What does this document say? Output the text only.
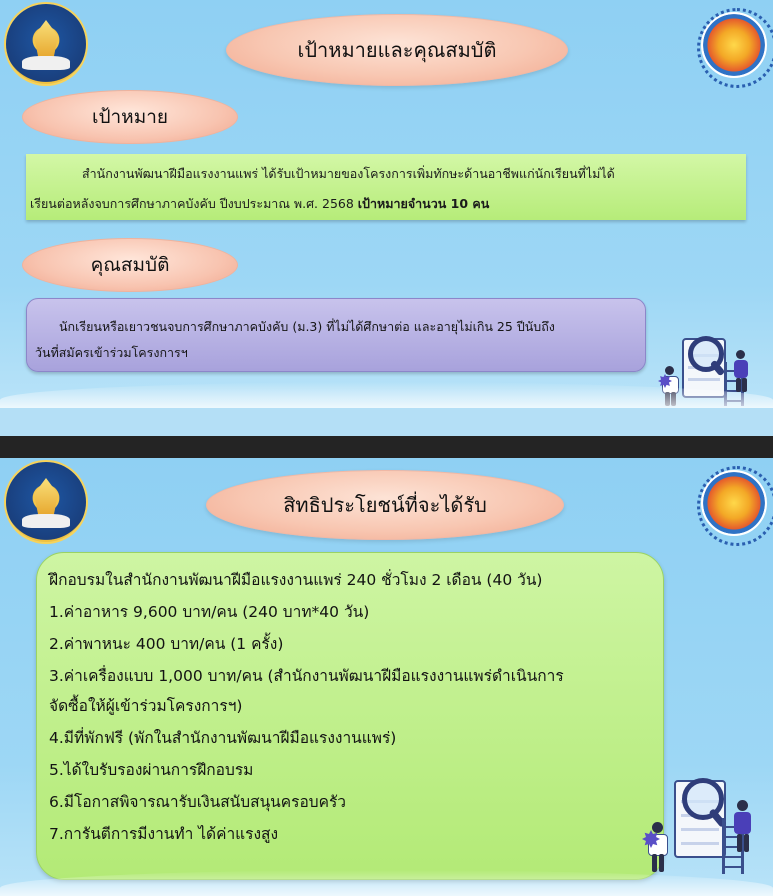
เป้าหมายและคุณสมบัติ
เป้าหมาย

สำนักงานพัฒนาฝีมือแรงงานแพร่ ได้รับเป้าหมายของโครงการเพิ่มทักษะด้านอาชีพแก่นักเรียนที่ไม่ได้

เรียนต่อหลังจบการศึกษาภาคบังคับ ปีงบประมาณ พ.ศ. 2568 เป้าหมายจำนวน 10 คน

คุณสมบัติ

นักเรียนหรือเยาวชนจบการศึกษาภาคบังคับ (ม.3) ที่ไม่ได้ศึกษาต่อ และอายุไม่เกิน 25 ปีนับถึง

วันที่สมัครเข้าร่วมโครงการฯ

สิทธิประโยชน์ที่จะได้รับ
ฝึกอบรมในสำนักงานพัฒนาฝีมือแรงงานแพร่ 240 ชั่วโมง 2 เดือน (40 วัน)
1.ค่าอาหาร 9,600 บาท/คน (240 บาท*40 วัน)
2.ค่าพาหนะ 400 บาท/คน (1 ครั้ง)
3.ค่าเครื่องแบบ 1,000 บาท/คน (สำนักงานพัฒนาฝีมือแรงงานแพร่ดำเนินการ
จัดซื้อให้ผู้เข้าร่วมโครงการฯ)
4.มีที่พักฟรี (พักในสำนักงานพัฒนาฝีมือแรงงานแพร่)
5.ได้ใบรับรองผ่านการฝึกอบรม
6.มีโอกาสพิจารณารับเงินสนับสนุนครอบครัว
7.การันตีการมีงานทำ ได้ค่าแรงสูง
